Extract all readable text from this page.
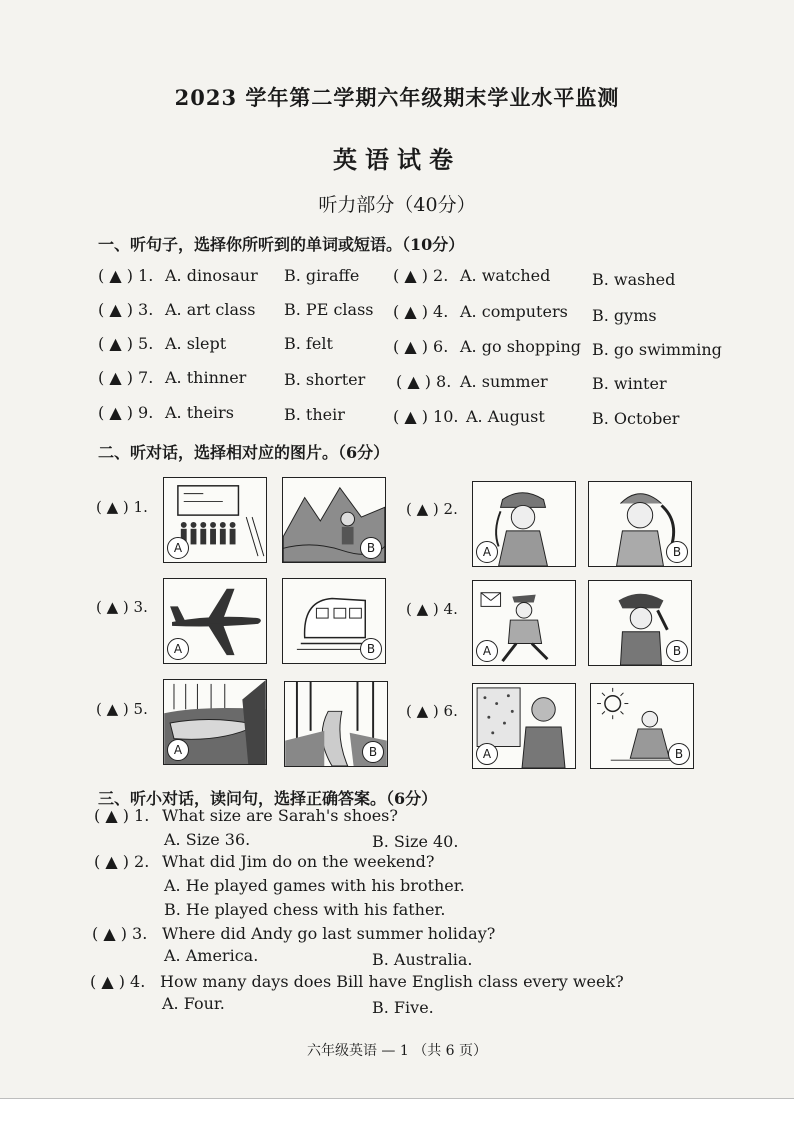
2023 学年第二学期六年级期末学业水平监测
英语试卷
听力部分（40分）
一、听句子，选择你所听到的单词或短语。（10分）
( ▲ ) 1. A. dinosaur B. giraffe ( ▲ ) 2. A. watched	B. washed
( ▲ ) 3. A. art class B. PE class ( ▲ ) 4. A. computers B. gyms
( ▲ ) 5. A. slept	B. felt	( ▲ ) 6. A. go shopping B. go swimming
( ▲ ) 7. A. thinner B. shorter ( ▲ ) 8. A. summer	B. winter
( ▲ ) 9. A. theirs	B. their	( ▲ ) 10. A. August	B. October
二、听对话，选择相对应的图片。（6分）
( ▲ ) 1.
A	B
( ▲ ) 2.
A	B
( ▲ ) 3.
A	B
( ▲ ) 4.
A	B
( ▲ ) 5.
A	B
( ▲ ) 6.
A	B
三、听小对话，读问句，选择正确答案。（6分）
( ▲ ) 1. What size are Sarah's shoes?
A. Size 36.	B. Size 40.
( ▲ ) 2. What did Jim do on the weekend?
A. He played games with his brother.
B. He played chess with his father.
( ▲ ) 3. Where did Andy go last summer holiday?
A. America.	B. Australia.
( ▲ ) 4. How many days does Bill have English class every week?
A. Four.	B. Five.
六年级英语 — 1 （共 6 页）
